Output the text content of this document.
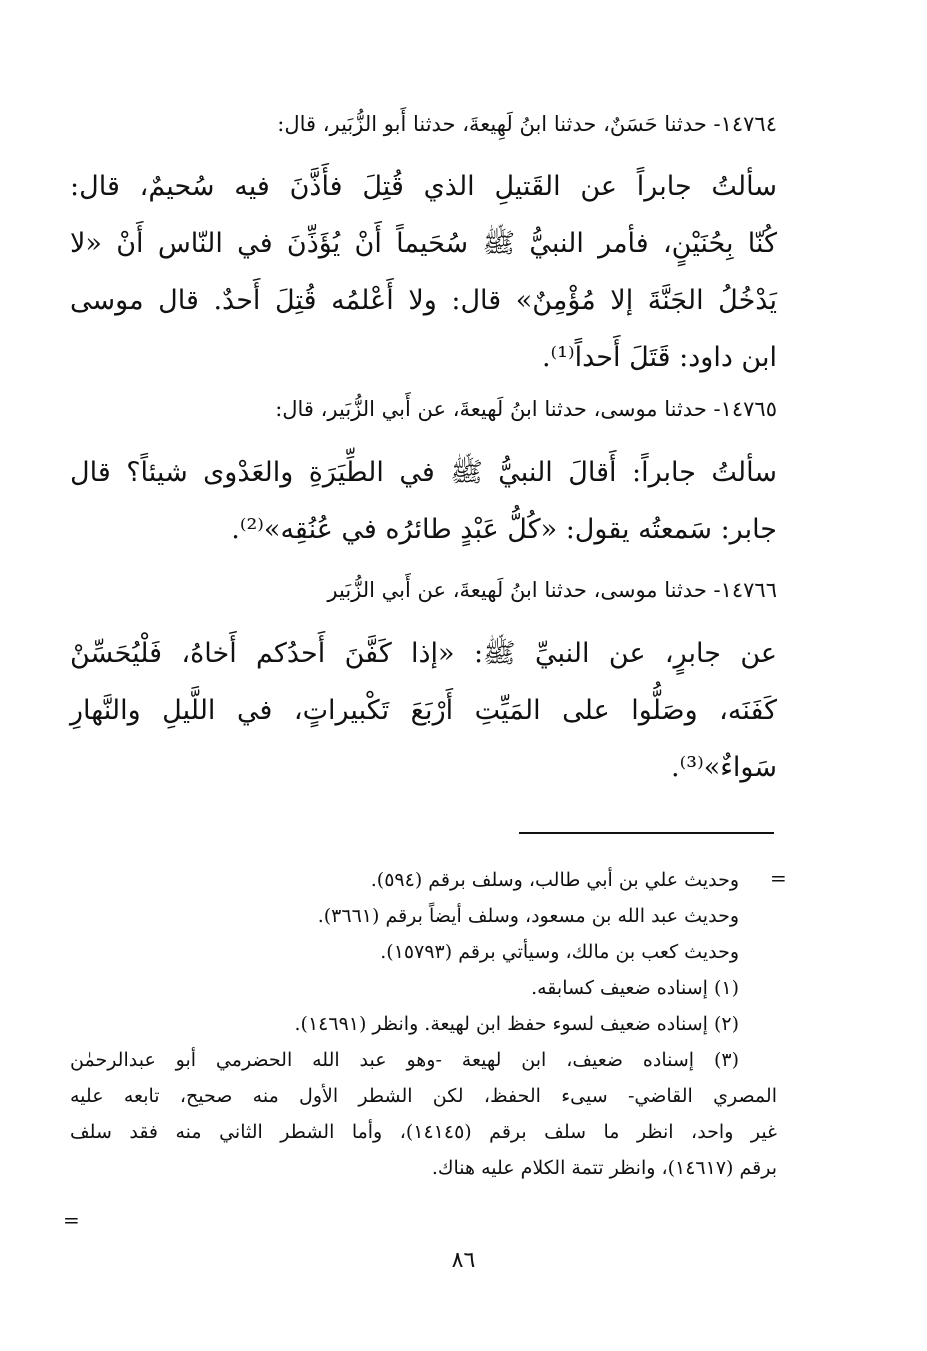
١٤٧٦٤- حدثنا حَسَنٌ، حدثنا ابنُ لَهِيعةَ، حدثنا أَبو الزُّبَير، قال:
سألتُ جابراً عن القَتيلِ الذي قُتِلَ فأَذَّنَ فيه سُحيمٌ، قال:
كُنّا بِحُنَيْنٍ، فأمر النبيُّ ﷺ سُحَيماً أَنْ يُؤَذِّنَ في النّاس أَنْ «لا
يَدْخُلُ الجَنَّةَ إلا مُؤْمِنٌ» قال: ولا أَعْلمُه قُتِلَ أَحدٌ. قال موسى
ابن داود: قَتَلَ أَحداً⁽¹⁾.
١٤٧٦٥- حدثنا موسى، حدثنا ابنُ لَهيعةَ، عن أَبي الزُّبَير، قال:
سألتُ جابراً: أَقالَ النبيُّ ﷺ في الطِّيَرَةِ والعَدْوى شيئاً؟ قال
جابر: سَمعتُه يقول: «كُلُّ عَبْدٍ طائرُه في عُنُقِه»⁽²⁾.
١٤٧٦٦- حدثنا موسى، حدثنا ابنُ لَهيعةَ، عن أَبي الزُّبَير
عن جابرٍ، عن النبيِّ ﷺ: «إذا كَفَّنَ أَحدُكم أَخاهُ، فَلْيُحَسِّنْ
كَفَنَه، وصَلُّوا على المَيِّتِ أَرْبَعَ تَكْبيراتٍ، في اللَّيلِ والنَّهارِ
سَواءٌ»⁽³⁾.
=
وحديث علي بن أبي طالب، وسلف برقم (٥٩٤).
وحديث عبد الله بن مسعود، وسلف أيضاً برقم (٣٦٦١).
وحديث كعب بن مالك، وسيأتي برقم (١٥٧٩٣).
(١) إسناده ضعيف كسابقه.
(٢) إسناده ضعيف لسوء حفظ ابن لهيعة. وانظر (١٤٦٩١).
(٣) إسناده ضعيف، ابن لهيعة -وهو عبد الله الحضرمي أبو عبدالرحمٰن
المصري القاضي- سيىء الحفظ، لكن الشطر الأول منه صحيح، تابعه عليه
غير واحد، انظر ما سلف برقم (١٤١٤٥)، وأما الشطر الثاني منه فقد سلف
برقم (١٤٦١٧)، وانظر تتمة الكلام عليه هناك.
=
٨٦
